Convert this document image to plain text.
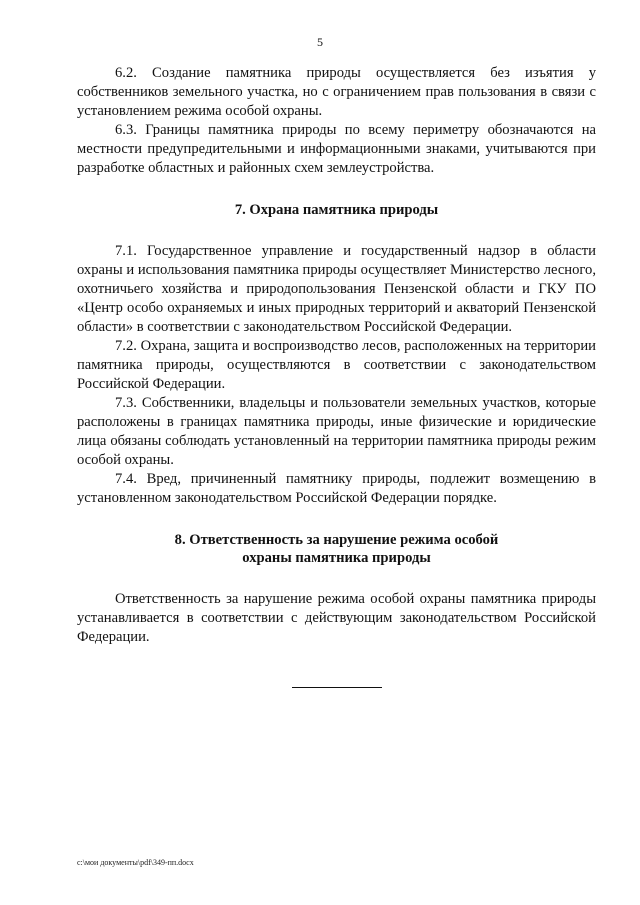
5

6.2. Создание памятника природы осуществляется без изъятия у собственников земельного участка, но с ограничением прав пользования в связи с установлением режима особой охраны.

6.3. Границы памятника природы по всему периметру обозначаются на местности предупредительными и информационными знаками, учитываются при разработке областных и районных схем землеустройства.

7. Охрана памятника природы

7.1. Государственное управление и государственный надзор в области охраны и использования памятника природы осуществляет Министерство лесного, охотничьего хозяйства и природопользования Пензенской области и ГКУ ПО «Центр особо охраняемых и иных природных территорий и акваторий Пензенской области» в соответствии с законодательством Российской Федерации.

7.2. Охрана, защита и воспроизводство лесов, расположенных на территории памятника природы, осуществляются в соответствии с законодательством Российской Федерации.

7.3. Собственники, владельцы и пользователи земельных участков, которые расположены в границах памятника природы, иные физические и юридические лица обязаны соблюдать установленный на территории памятника природы режим особой охраны.

7.4. Вред, причиненный памятнику природы, подлежит возмещению в установленном законодательством Российской Федерации порядке.

8. Ответственность за нарушение режима особой
охраны памятника природы

Ответственность за нарушение режима особой охраны памятника природы устанавливается в соответствии с действующим законодательством Российской Федерации.

c:\мои документы\pdf\349-пп.docx
